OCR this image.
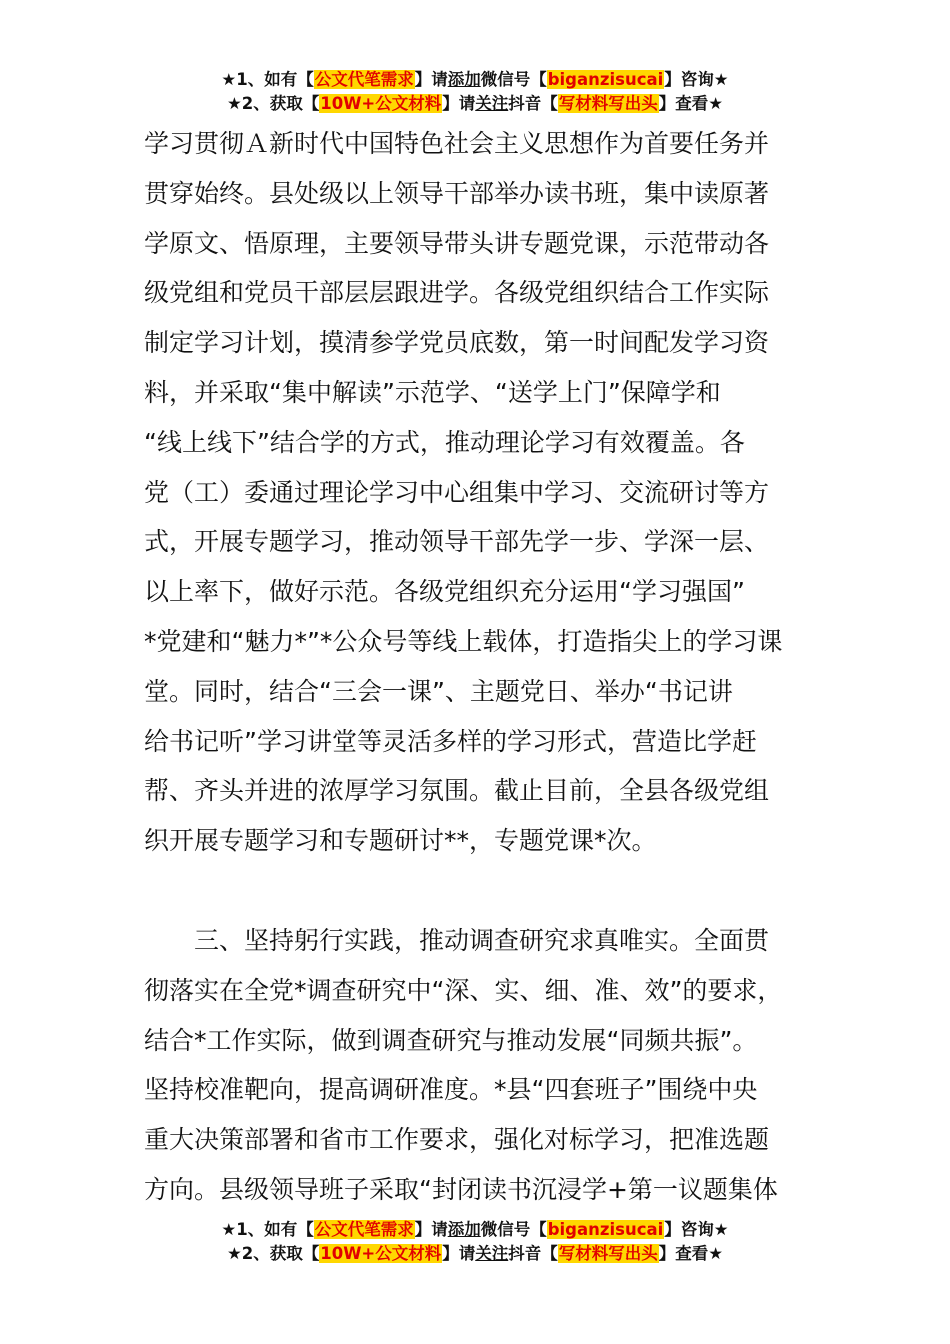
★1、如有【公文代笔需求】请添加微信号【biganzisucai】咨询★
★2、获取【10W+公文材料】请关注抖音【写材料写出头】查看★
学习贯彻Ａ新时代中国特色社会主义思想作为首要任务并
贯穿始终。县处级以上领导干部举办读书班，集中读原著
学原文、悟原理，主要领导带头讲专题党课，示范带动各
级党组和党员干部层层跟进学。各级党组织结合工作实际
制定学习计划，摸清参学党员底数，第一时间配发学习资
料，并采取“集中解读”示范学、“送学上门”保障学和
“线上线下”结合学的方式，推动理论学习有效覆盖。各
党（工）委通过理论学习中心组集中学习、交流研讨等方
式，开展专题学习，推动领导干部先学一步、学深一层、
以上率下，做好示范。各级党组织充分运用“学习强国”
*党建和“魅力*”*公众号等线上载体，打造指尖上的学习课
堂。同时，结合“三会一课”、主题党日、举办“书记讲
给书记听”学习讲堂等灵活多样的学习形式，营造比学赶
帮、齐头并进的浓厚学习氛围。截止目前，全县各级党组
织开展专题学习和专题研讨**，专题党课*次。
三、坚持躬行实践，推动调查研究求真唯实。全面贯
彻落实在全党*调查研究中“深、实、细、准、效”的要求，
结合*工作实际，做到调查研究与推动发展“同频共振”。
坚持校准靶向，提高调研准度。*县“四套班子”围绕中央
重大决策部署和省市工作要求，强化对标学习，把准选题
方向。县级领导班子采取“封闭读书沉浸学+第一议题集体
★1、如有【公文代笔需求】请添加微信号【biganzisucai】咨询★
★2、获取【10W+公文材料】请关注抖音【写材料写出头】查看★
